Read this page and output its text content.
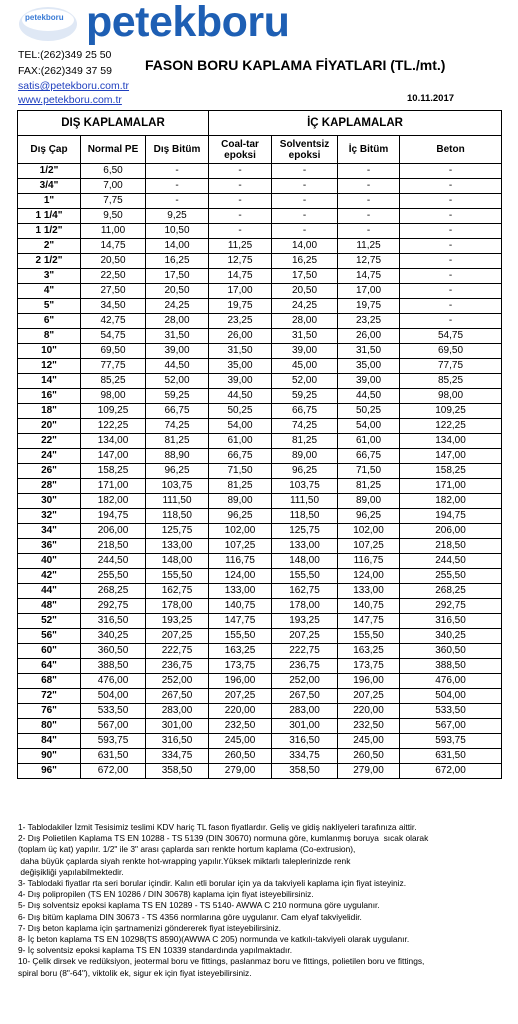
petekboru petekboru
TEL:(262)349 25 50
FAX:(262)349 37 59
satis@petekboru.com.tr
www.petekboru.com.tr
FASON BORU KAPLAMA FİYATLARI (TL./mt.)
10.11.2017
DIŞ KAPLAMALAR			İÇ KAPLAMALAR			
Dış Çap	Normal PE	Dış Bitüm	Coal-tar epoksi	Solventsiz epoksi	İç Bitüm	Beton
1/2"	6,50	-	-	-	-	-
3/4"	7,00	-	-	-	-	-
1"	7,75	-	-	-	-	-
1 1/4"	9,50	9,25	-	-	-	-
1 1/2"	11,00	10,50	-	-	-	-
2"	14,75	14,00	11,25	14,00	11,25	-
2 1/2"	20,50	16,25	12,75	16,25	12,75	-
3"	22,50	17,50	14,75	17,50	14,75	-
4"	27,50	20,50	17,00	20,50	17,00	-
5"	34,50	24,25	19,75	24,25	19,75	-
6"	42,75	28,00	23,25	28,00	23,25	-
8"	54,75	31,50	26,00	31,50	26,00	54,75
10"	69,50	39,00	31,50	39,00	31,50	69,50
12"	77,75	44,50	35,00	45,00	35,00	77,75
14"	85,25	52,00	39,00	52,00	39,00	85,25
16"	98,00	59,25	44,50	59,25	44,50	98,00
18"	109,25	66,75	50,25	66,75	50,25	109,25
20"	122,25	74,25	54,00	74,25	54,00	122,25
22"	134,00	81,25	61,00	81,25	61,00	134,00
24"	147,00	88,90	66,75	89,00	66,75	147,00
26"	158,25	96,25	71,50	96,25	71,50	158,25
28"	171,00	103,75	81,25	103,75	81,25	171,00
30"	182,00	111,50	89,00	111,50	89,00	182,00
32"	194,75	118,50	96,25	118,50	96,25	194,75
34"	206,00	125,75	102,00	125,75	102,00	206,00
36"	218,50	133,00	107,25	133,00	107,25	218,50
40"	244,50	148,00	116,75	148,00	116,75	244,50
42"	255,50	155,50	124,00	155,50	124,00	255,50
44"	268,25	162,75	133,00	162,75	133,00	268,25
48"	292,75	178,00	140,75	178,00	140,75	292,75
52"	316,50	193,25	147,75	193,25	147,75	316,50
56"	340,25	207,25	155,50	207,25	155,50	340,25
60"	360,50	222,75	163,25	222,75	163,25	360,50
64"	388,50	236,75	173,75	236,75	173,75	388,50
68"	476,00	252,00	196,00	252,00	196,00	476,00
72"	504,00	267,50	207,25	267,50	207,25	504,00
76"	533,50	283,00	220,00	283,00	220,00	533,50
80"	567,00	301,00	232,50	301,00	232,50	567,00
84"	593,75	316,50	245,00	316,50	245,00	593,75
90"	631,50	334,75	260,50	334,75	260,50	631,50
96"	672,00	358,50	279,00	358,50	279,00	672,00
1- Tablodakiler İzmit Tesisimiz teslimi KDV hariç TL fason fiyatlardır. Geliş ve gidiş nakliyeleri tarafınıza aittir.
2- Dış Polietilen Kaplama TS EN 10288 - TS 5139 (DIN 30670) normuna göre, kumlanmış boruya  sıcak olarak
(toplam üç kat) yapılır. 1/2" ile 3" arası çaplarda sarı renkte hortum kaplama (Co-extrusion),
daha büyük çaplarda siyah renkte hot-wrapping yapılır.Yüksek miktarlı taleplerinizde renk
değişikliği yapılabilmektedir.
3- Tablodaki fiyatlar rta seri borular içindir. Kalın etli borular için ya da takviyeli kaplama için fiyat isteyiniz.
4- Dış polipropilen (TS EN 10286 / DIN 30678) kaplama için fiyat isteyebilirsiniz.
5- Dış solventsiz epoksi kaplama TS EN 10289 - TS 5140- AWWA C 210 normuna göre uygulanır.
6- Dış bitüm kaplama DIN 30673 - TS 4356 normlarına göre uygulanır. Cam elyaf takviyelidir.
7- Dış beton kaplama için şartnamenizi göndererek fiyat isteyebilirsiniz.
8- İç beton kaplama TS EN 10298(TS 8590)(AWWA C 205) normunda ve katkılı-takviyeli olarak uygulanır.
9- İç solventsiz epoksi kaplama TS EN 10339 standardında yapılmaktadır.
10- Çelik dirsek ve redüksiyon, jeotermal boru ve fittings, paslanmaz boru ve fittings, polietilen boru ve fittings,
spiral boru (8"-64"), viktolik ek, sigur ek için fiyat isteyebilirsiniz.
